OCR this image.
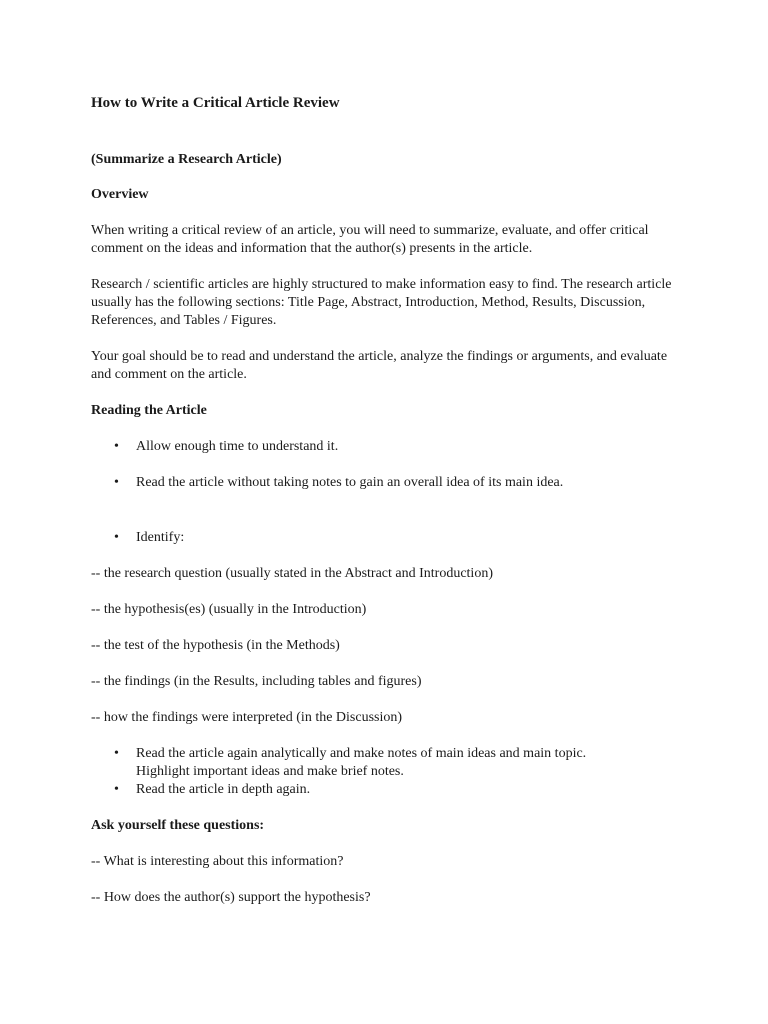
How to Write a Critical Article Review
(Summarize a Research Article)
Overview
When writing a critical review of an article, you will need to summarize, evaluate, and offer critical comment on the ideas and information that the author(s) presents in the article.
Research / scientific articles are highly structured to make information easy to find. The research article usually has the following sections: Title Page, Abstract, Introduction, Method, Results, Discussion, References, and Tables / Figures.
Your goal should be to read and understand the article, analyze the findings or arguments, and evaluate and comment on the article.
Reading the Article
• Allow enough time to understand it.
• Read the article without taking notes to gain an overall idea of its main idea.
• Identify:
-- the research question (usually stated in the Abstract and Introduction)
-- the hypothesis(es) (usually in the Introduction)
-- the test of the hypothesis (in the Methods)
-- the findings (in the Results, including tables and figures)
-- how the findings were interpreted (in the Discussion)
• Read the article again analytically and make notes of main ideas and main topic. Highlight important ideas and make brief notes.
• Read the article in depth again.
Ask yourself these questions:
-- What is interesting about this information?
-- How does the author(s) support the hypothesis?
